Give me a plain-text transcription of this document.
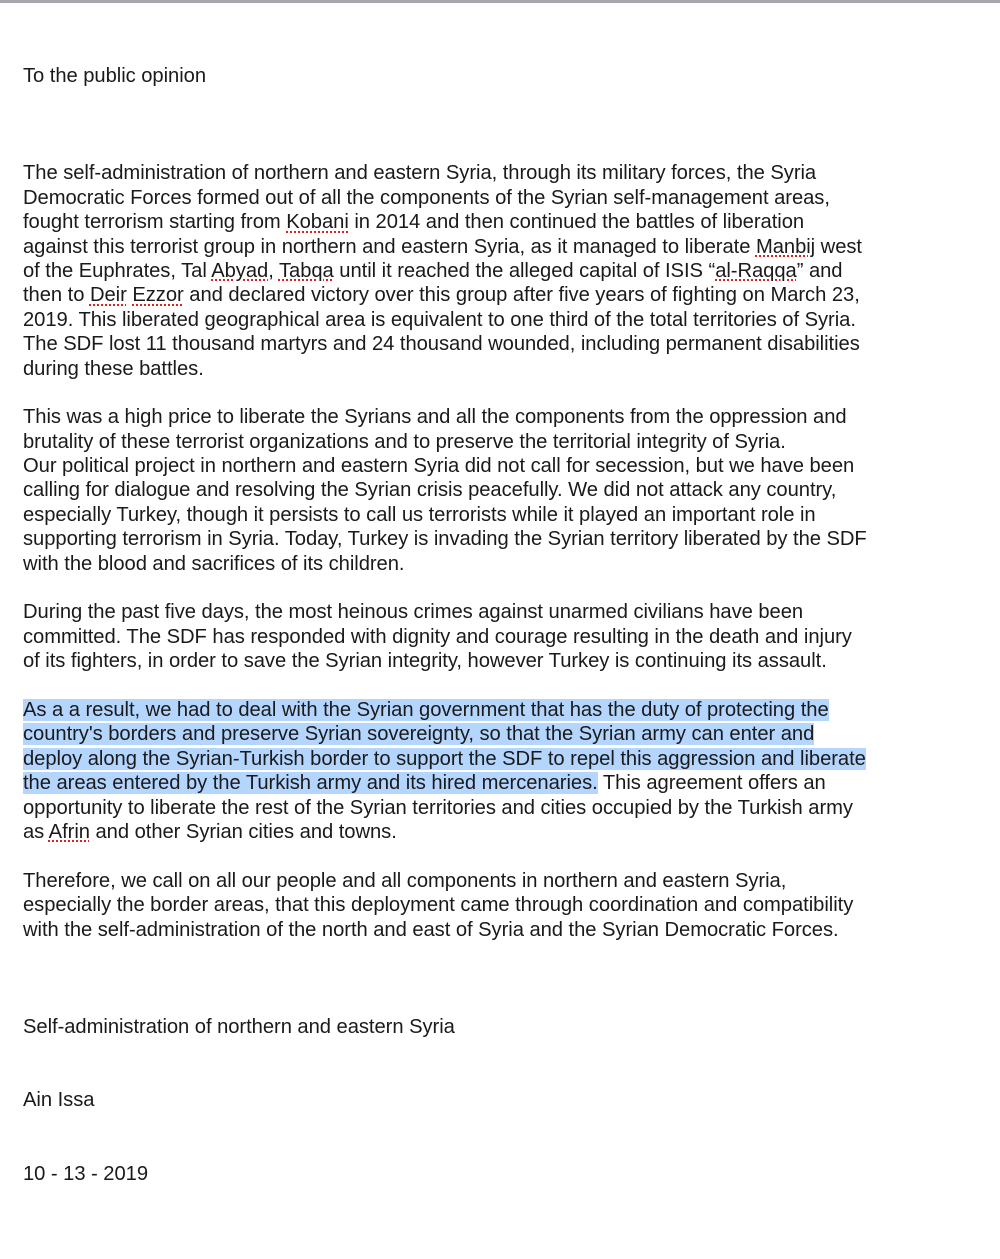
To the public opinion

The self-administration of northern and eastern Syria, through its military forces, the Syria
Democratic Forces formed out of all the components of the Syrian self-management areas,
fought terrorism starting from Kobani in 2014 and then continued the battles of liberation
against this terrorist group in northern and eastern Syria, as it managed to liberate Manbij west
of the Euphrates, Tal Abyad, Tabqa until it reached the alleged capital of ISIS “al-Raqqa” and
then to Deir Ezzor and declared victory over this group after five years of fighting on March 23,
2019. This liberated geographical area is equivalent to one third of the total territories of Syria.
The SDF lost 11 thousand martyrs and 24 thousand wounded, including permanent disabilities
during these battles.
This was a high price to liberate the Syrians and all the components from the oppression and
brutality of these terrorist organizations and to preserve the territorial integrity of Syria.
Our political project in northern and eastern Syria did not call for secession, but we have been
calling for dialogue and resolving the Syrian crisis peacefully. We did not attack any country,
especially Turkey, though it persists to call us terrorists while it played an important role in
supporting terrorism in Syria. Today, Turkey is invading the Syrian territory liberated by the SDF
with the blood and sacrifices of its children.
During the past five days, the most heinous crimes against unarmed civilians have been
committed. The SDF has responded with dignity and courage resulting in the death and injury
of its fighters, in order to save the Syrian integrity, however Turkey is continuing its assault.
As a a result, we had to deal with the Syrian government that has the duty of protecting the
country's borders and preserve Syrian sovereignty, so that the Syrian army can enter and
deploy along the Syrian-Turkish border to support the SDF to repel this aggression and liberate
the areas entered by the Turkish army and its hired mercenaries. This agreement offers an
opportunity to liberate the rest of the Syrian territories and cities occupied by the Turkish army
as Afrin and other Syrian cities and towns.
Therefore, we call on all our people and all components in northern and eastern Syria,
especially the border areas, that this deployment came through coordination and compatibility
with the self-administration of the north and east of Syria and the Syrian Democratic Forces.

Self-administration of northern and eastern Syria

Ain Issa

10 - 13 - 2019
